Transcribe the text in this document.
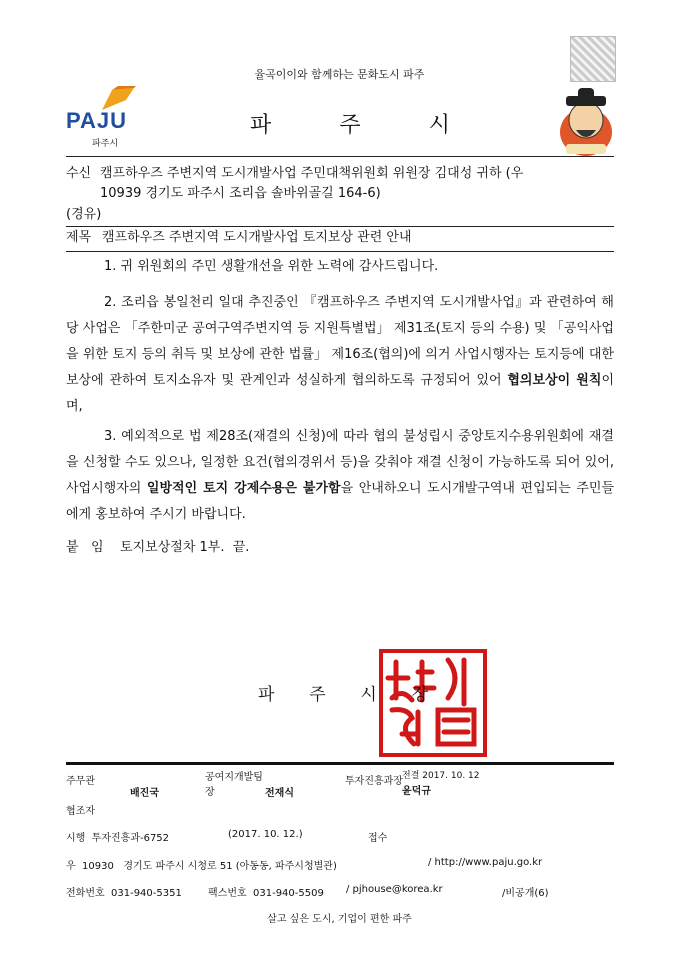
율곡이이와 함께하는 문화도시 파주
PAJU
파주시
파	주	시
수신 캠프하우즈 주변지역 도시개발사업 주민대책위원회 위원장 김대성 귀하 (우
10939 경기도 파주시 조리읍 솔바위골길 164-6)
(경유)
제목 캠프하우즈 주변지역 도시개발사업 토지보상 관련 안내
1. 귀 위원회의 주민 생활개선을 위한 노력에 감사드립니다.
2. 조리읍 봉일천리 일대 추진중인 『캠프하우즈 주변지역 도시개발사업』과 관련하여 해당 사업은 「주한미군 공여구역주변지역 등 지원특별법」 제31조(토지 등의 수용) 및 「공익사업을 위한 토지 등의 취득 및 보상에 관한 법률」 제16조(협의)에 의거 사업시행자는 토지등에 대한 보상에 관하여 토지소유자 및 관계인과 성실하게 협의하도록 규정되어 있어 협의보상이 원칙이며,
3. 예외적으로 법 제28조(재결의 신청)에 따라 협의 불성립시 중앙토지수용위원회에 재결을 신청할 수도 있으나, 일정한 요건(협의경위서 등)을 갖춰야 재결 신청이 가능하도록 되어 있어, 사업시행자의 일방적인 토지 강제수용은 불가함을 안내하오니 도시개발구역내 편입되는 주민들에게 홍보하여 주시기 바랍니다.
붙   임 토지보상절차 1부.  끝.
파 주 시 장
주무관
배진국
공여지개발팀
장	전재식
투자진흥과장 전결 2017. 10. 12
윤덕규
협조자
시행  투자진흥과-6752	(2017. 10. 12.)	접수
우  10930   경기도 파주시 시청로 51 (아동동, 파주시청별관)	/ http://www.paju.go.kr
전화번호  031-940-5351	팩스번호  031-940-5509 / pjhouse@korea.kr	/비공개(6)
살고 싶은 도시, 기업이 편한 파주
